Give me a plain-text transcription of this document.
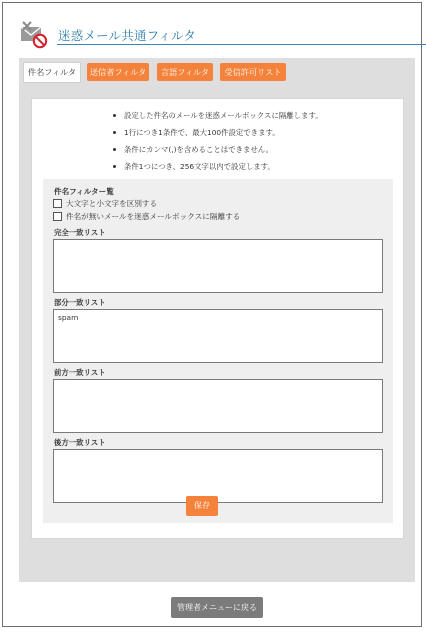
迷惑メール共通フィルタ
件名フィルタ	送信者フィルタ	言語フィルタ	受信許可リスト
設定した件名のメールを迷惑メールボックスに隔離します。
1行につき1条件で、最大100件設定できます。
条件にカンマ(,)を含めることはできません。
条件1つにつき、256文字以内で設定します。
件名フィルター覧
大文字と小文字を区別する
件名が無いメールを迷惑メールボックスに隔離する
完全一致リスト
部分一致リスト
spam
前方一致リスト
後方一致リスト
保存
管理者メニューに戻る
